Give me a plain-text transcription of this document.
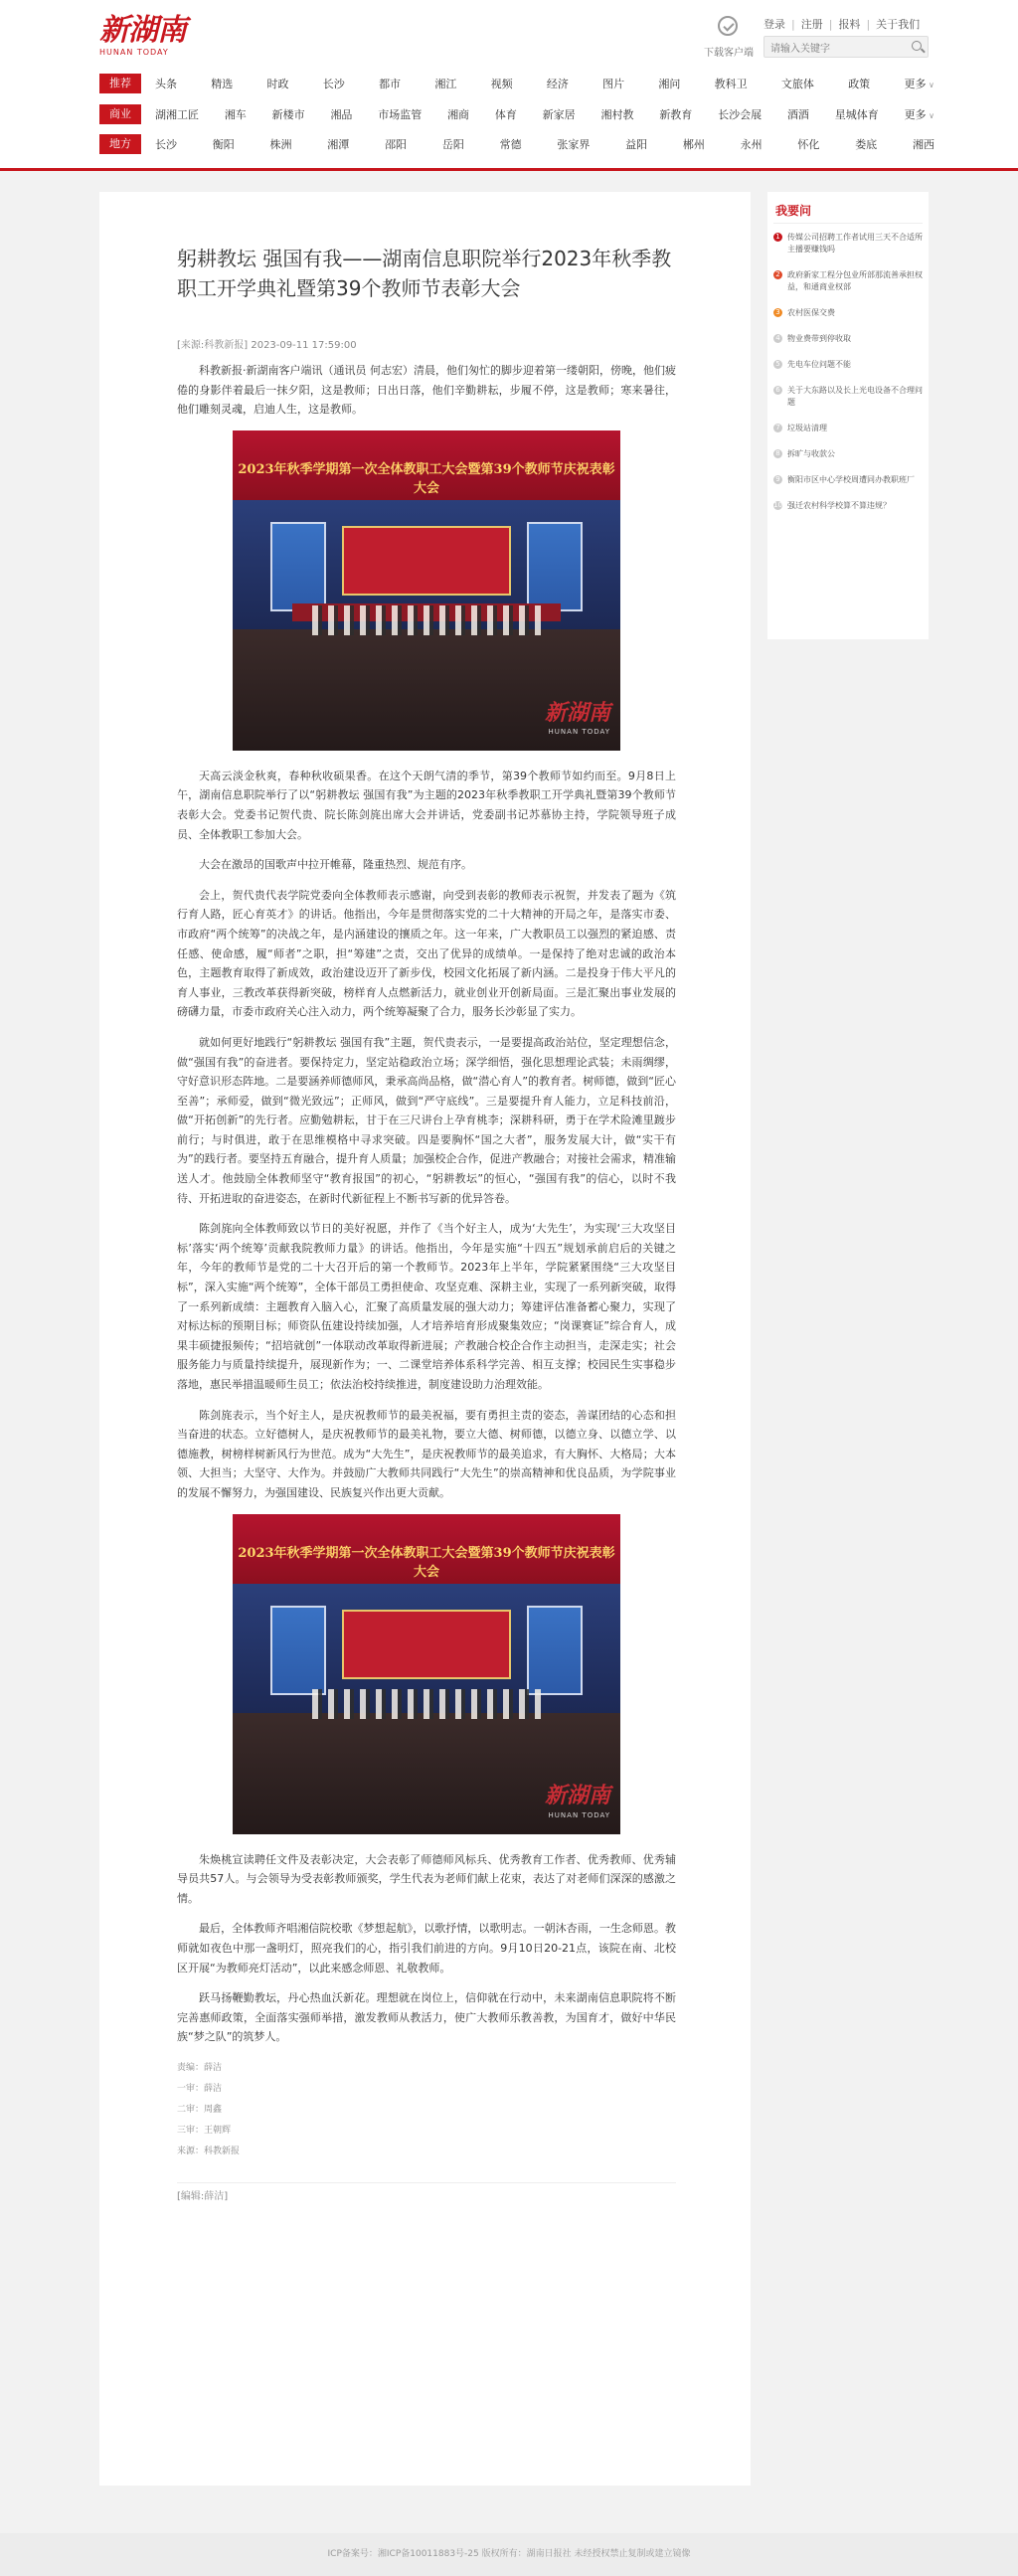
新湖南
HUNAN TODAY	下载客户端
登录 | 注册 | 报料 | 关于我们
请输入关键字
推荐	头条	精选	时政	长沙	都市	湘江	视频	经济	图片	湘问	教科卫	文旅体	政策	更多 ∨
商业	湖湘工匠 湘车 新楼市 湘品 市场监管 湘商 体育 新家居 湘村教 新教育 长沙会展 酒酒 星城体育 更多 ∨
地方	长沙	衡阳	株洲	湘潭	邵阳	岳阳	常德	张家界	益阳	郴州	永州	怀化	娄底	湘西
躬耕教坛 强国有我——湖南信息职院举行2023年秋季教职工开学典礼暨第39个教师节表彰大会
[来源:科教新报] 2023-09-11 17:59:00

科教新报·新湖南客户端讯（通讯员 何志宏）清晨，他们匆忙的脚步迎着第一缕朝阳，傍晚，他们疲倦的身影伴着最后一抹夕阳，这是教师；日出日落，他们辛勤耕耘，步履不停，这是教师；寒来暑往，他们雕刻灵魂，启迪人生，这是教师。

2023年秋季学期第一次全体教职工大会暨第39个教师节庆祝表彰大会
新湖南
HUNAN TODAY

天高云淡金秋爽，春种秋收硕果香。在这个天朗气清的季节，第39个教师节如约而至。9月8日上午，湖南信息职院举行了以“躬耕教坛 强国有我”为主题的2023年秋季教职工开学典礼暨第39个教师节表彰大会。党委书记贺代贵、院长陈剑旄出席大会并讲话，党委副书记苏慕协主持，学院领导班子成员、全体教职工参加大会。

大会在激昂的国歌声中拉开帷幕，隆重热烈、规范有序。

会上，贺代贵代表学院党委向全体教师表示感谢，向受到表彰的教师表示祝贺，并发表了题为《筑行育人路，匠心育英才》的讲话。他指出，今年是贯彻落实党的二十大精神的开局之年，是落实市委、市政府“两个统筹”的决战之年，是内涵建设的攘质之年。这一年来，广大教职员工以强烈的紧迫感、责任感、使命感，履“师者”之职，担“筹建”之责，交出了优异的成绩单。一是保持了绝对忠诚的政治本色，主题教育取得了新成效，政治建设迈开了新步伐，校园文化拓展了新内涵。二是投身于伟大平凡的育人事业，三教改革获得新突破，榜样育人点燃新活力，就业创业开创新局面。三是汇聚出事业发展的磅礴力量，市委市政府关心注入动力，两个统筹凝聚了合力，服务长沙彰显了实力。

就如何更好地践行“躬耕教坛 强国有我”主题，贺代贵表示，一是要提高政治站位，坚定理想信念，做“强国有我”的奋进者。要保持定力，坚定站稳政治立场；深学细悟，强化思想理论武装；未雨绸缪，守好意识形态阵地。二是要涵养师德师风，秉承高尚品格，做“潜心育人”的教育者。树师德，做到“匠心至善”；承师爱，做到“微光致远”；正师风，做到“严守底线”。三是要提升育人能力，立足科技前沿，做“开拓创新”的先行者。应勤勉耕耘，甘于在三尺讲台上孕育桃李；深耕科研，勇于在学术险滩里踱步前行；与时俱进，敢于在思维模格中寻求突破。四是要胸怀“国之大者”，服务发展大计，做“实干有为”的践行者。要坚持五育融合，提升育人质量；加强校企合作，促进产教融合；对接社会需求，精准输送人才。他鼓励全体教师坚守“教育报国”的初心，“躬耕教坛”的恒心，“强国有我”的信心，以时不我待、开拓进取的奋进姿态，在新时代新征程上不断书写新的优异答卷。

陈剑旄向全体教师致以节日的美好祝愿，并作了《当个好主人，成为‘大先生’，为实现‘三大攻坚目标’落实‘两个统筹’贡献我院教师力量》的讲话。他指出，今年是实施“十四五”规划承前启后的关键之年，今年的教师节是党的二十大召开后的第一个教师节。2023年上半年，学院紧紧围绕“三大攻坚目标”，深入实施“两个统筹”，全体干部员工勇担使命、攻坚克难、深耕主业，实现了一系列新突破，取得了一系列新成绩：主题教育入脑入心，汇聚了高质量发展的强大动力；筹建评估准备蓄心聚力，实现了对标达标的预期目标；师资队伍建设持续加强，人才培养培育形成聚集效应；“岗课赛证”综合育人，成果丰硕捷报频传；“招培就创”一体联动改革取得新进展；产教融合校企合作主动担当，走深走实；社会服务能力与质量持续提升，展现新作为；一、二课堂培养体系科学完善、相互支撑；校园民生实事稳步落地，惠民举措温暖师生员工；依法治校持续推进，制度建设助力治理效能。

陈剑旄表示，当个好主人，是庆祝教师节的最美祝福，要有勇担主责的姿态，善谋团结的心态和担当奋进的状态。立好德树人，是庆祝教师节的最美礼物，要立大德、树师德，以德立身、以德立学、以德施教，树榜样树新风行为世范。成为“大先生”，是庆祝教师节的最美追求，有大胸怀、大格局；大本领、大担当；大坚守、大作为。并鼓励广大教师共同践行“大先生”的崇高精神和优良品质，为学院事业的发展不懈努力，为强国建设、民族复兴作出更大贡献。

2023年秋季学期第一次全体教职工大会暨第39个教师节庆祝表彰大会
新湖南
HUNAN TODAY

朱焕桃宣读聘任文件及表彰决定，大会表彰了师德师风标兵、优秀教育工作者、优秀教师、优秀辅导员共57人。与会领导为受表彰教师颁奖，学生代表为老师们献上花束，表达了对老师们深深的感激之情。

最后，全体教师齐唱湘信院校歌《梦想起航》，以歌抒情，以歌明志。一朝沐杏雨，一生念师恩。教师就如夜色中那一盏明灯，照亮我们的心，指引我们前进的方向。9月10日20-21点，该院在南、北校区开展“为教师亮灯活动”，以此来感念师恩、礼敬教师。

跃马扬鞭勤教坛，丹心热血沃新花。理想就在岗位上，信仰就在行动中，未来湖南信息职院将不断完善惠师政策，全面落实强师举措，激发教师从教活力，使广大教师乐教善教，为国育才，做好中华民族“梦之队”的筑梦人。

责编：薛洁
一审：薛洁
二审：周鑫
三审：王朝辉
来源：科教新报
[编辑:薛洁]
我要问
1 传媒公司招聘工作者试用三天不合适所主播要赚钱吗
2 政府新家工程分包业所部那流善承担权益，和通商业权部
3 农村医保交费
4 物业费带到停收取
5 先电车位问题不能
6 关于大东路以及长上光电设备不合理问题
7 垃圾站清理
8 拆旷与收款公
9 衡阳市区中心学校周遭同办教职班厂
10 强迁农村科学校算不算违规？
ICP备案号：湘ICP备10011883号-25 版权所有：湖南日报社 未经授权禁止复制或建立镜像
